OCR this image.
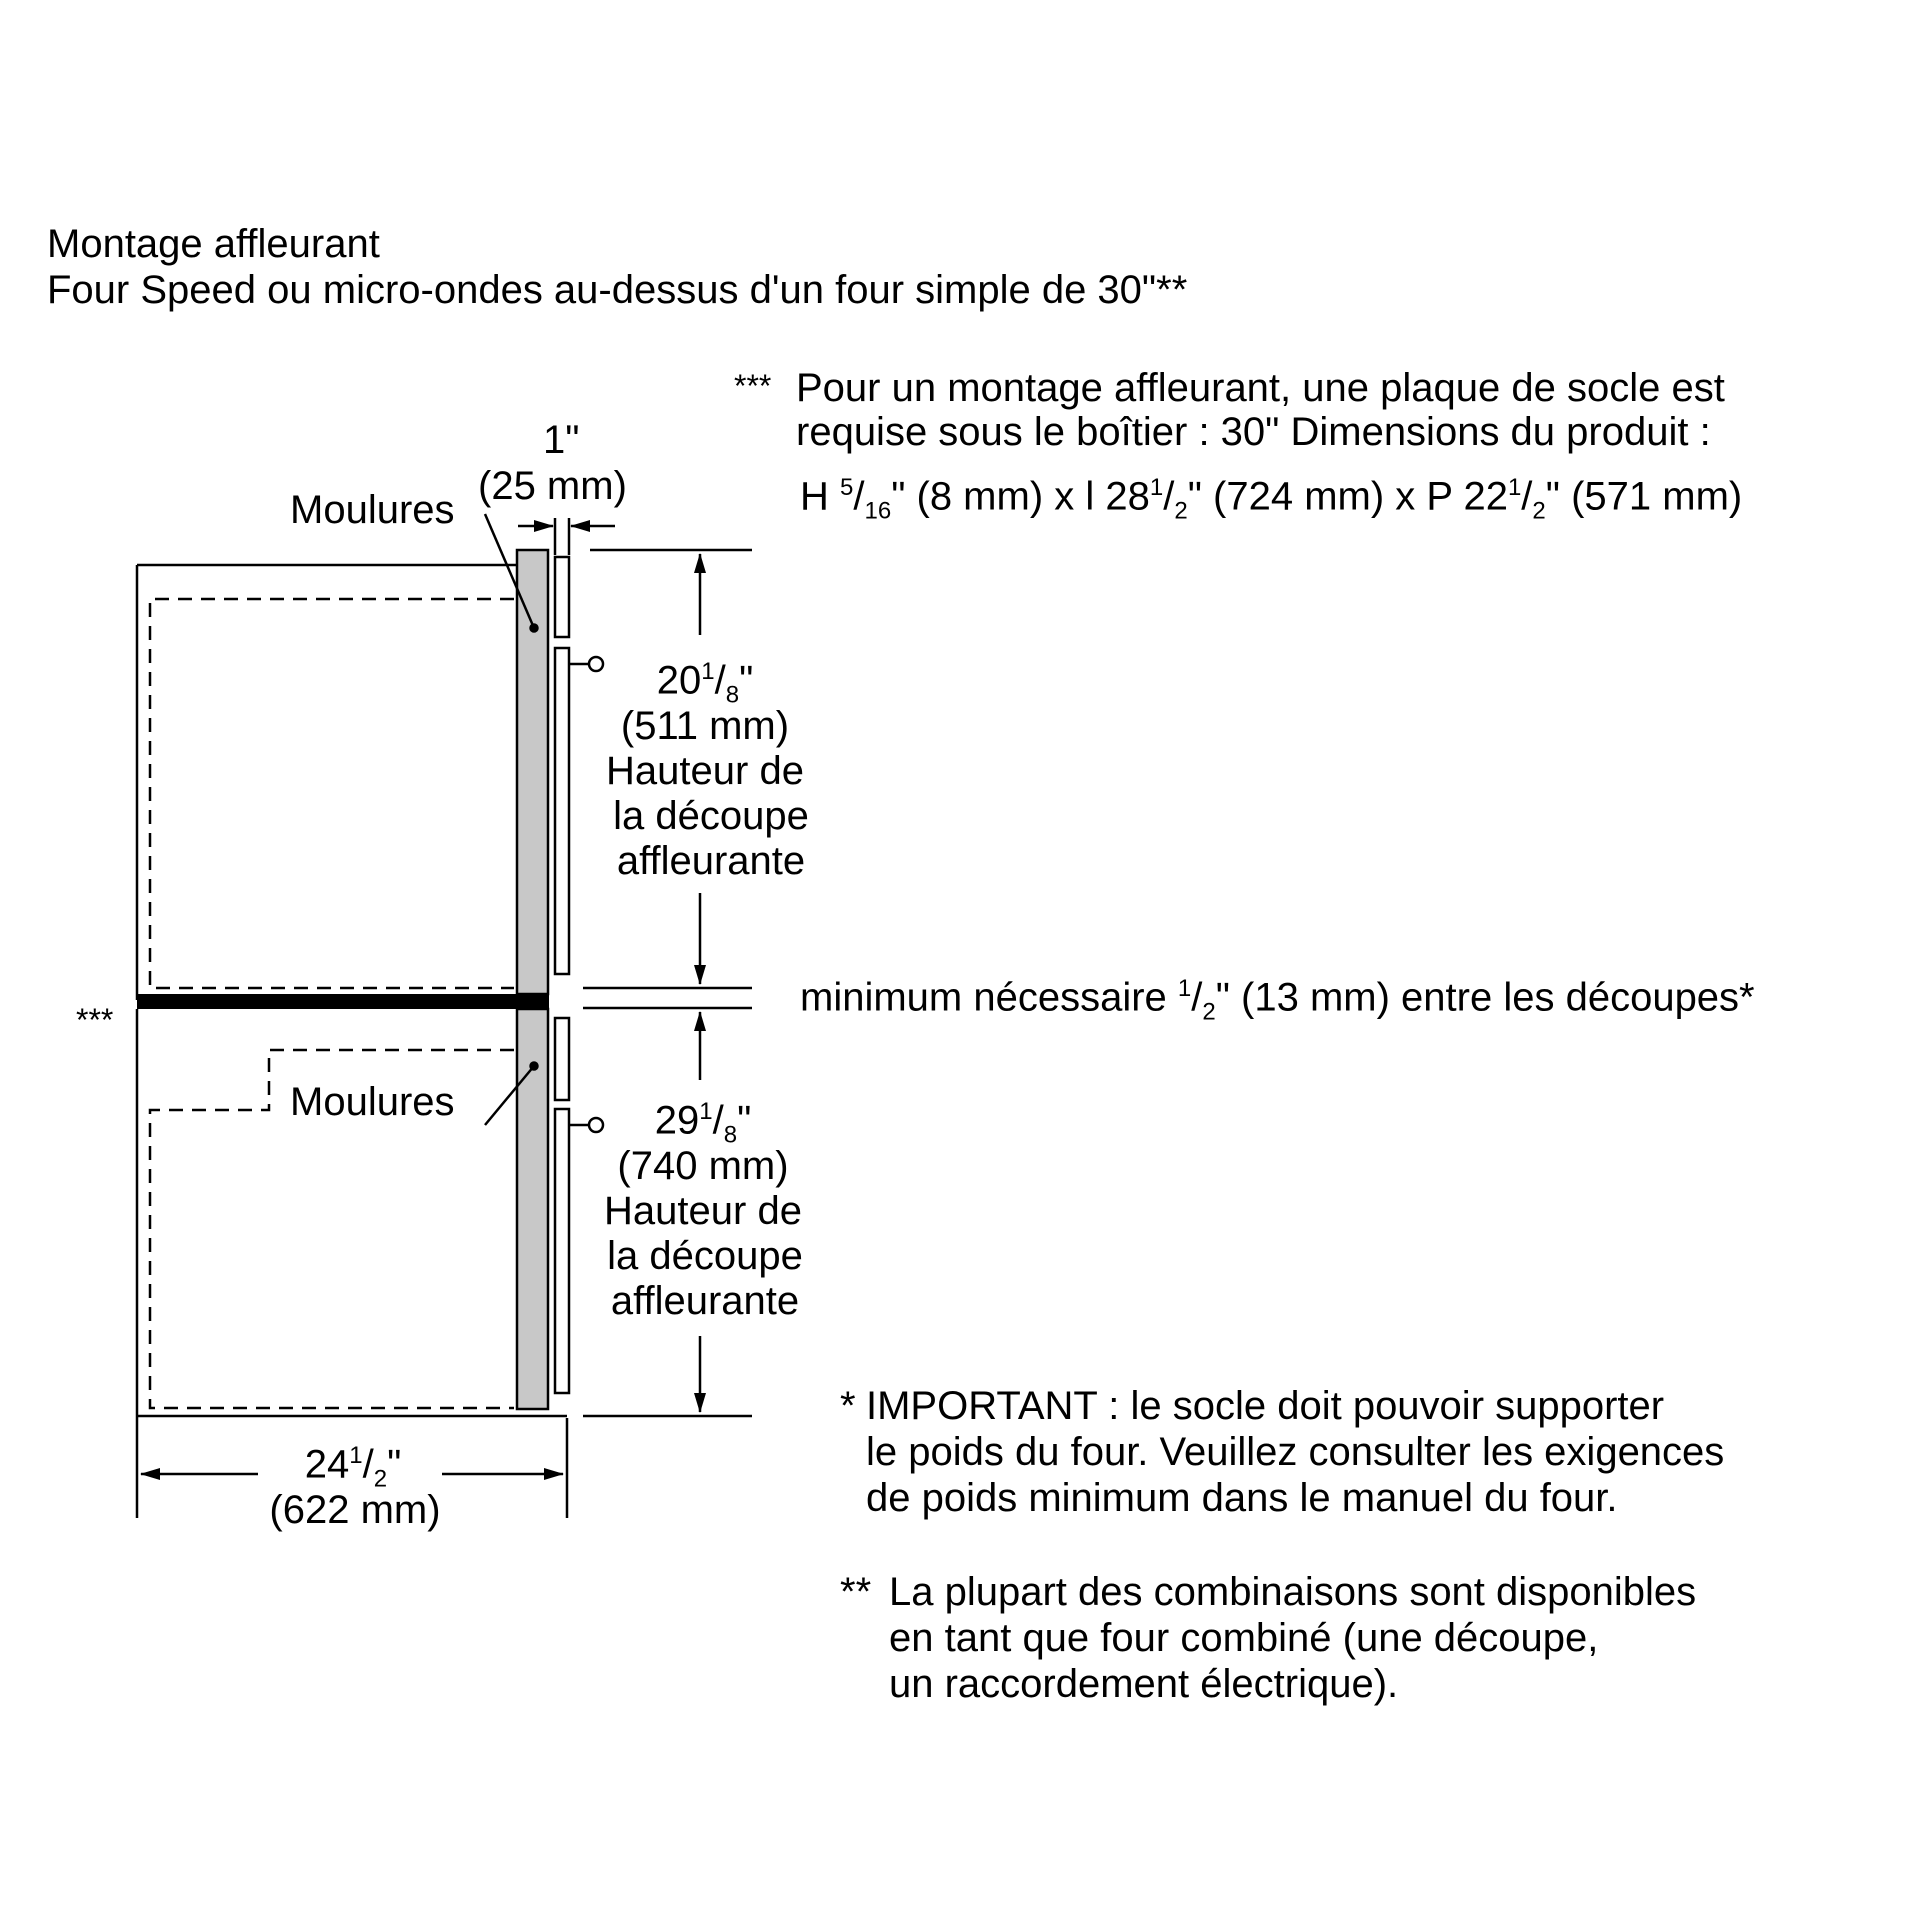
Montage affleurant
Four Speed ou micro-ondes au-dessus d'un four simple de 30"**
*** Pour un montage affleurant, une plaque de socle est
requise sous le boîtier : 30" Dimensions du produit :
H $^5/_{16}$" (8 mm) x l $28^1/_2$" (724 mm) x P $22^1/_2$" (571 mm)
1"
(25 mm)
Moulures
Moulures
$20^1/_8$"
(511 mm)
Hauteur de
la découpe
affleurante
minimum nécessaire $^1/_2$" (13 mm) entre les découpes*
***
$29^1/_8$"
(740 mm)
Hauteur de
la découpe
affleurante
$24^1/_2$"
(622 mm)
* IMPORTANT : le socle doit pouvoir supporter
le poids du four. Veuillez consulter les exigences
de poids minimum dans le manuel du four.
** La plupart des combinaisons sont disponibles
en tant que four combiné (une découpe,
un raccordement électrique).
